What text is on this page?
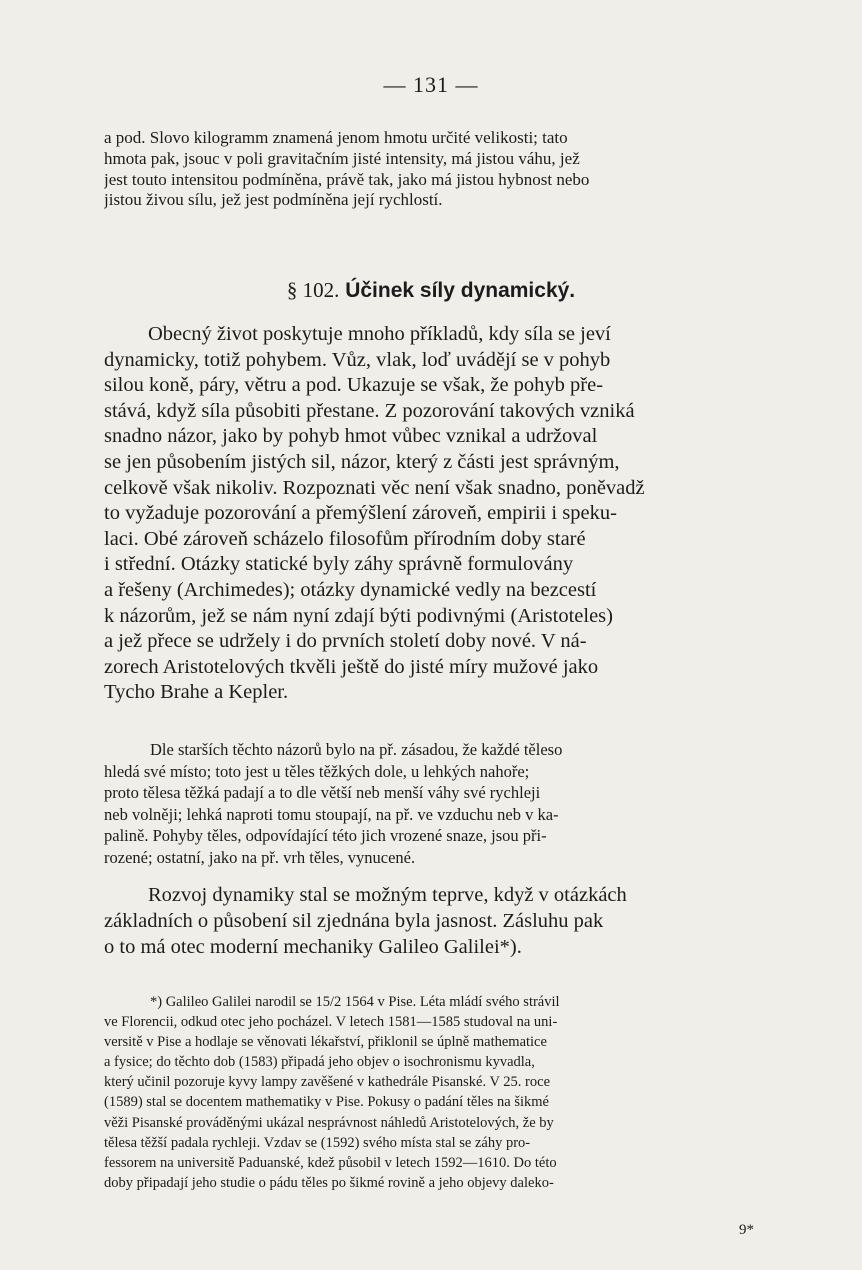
— 131 —
a pod. Slovo kilogramm znamená jenom hmotu určité velikosti; tato
hmota pak, jsouc v poli gravitačním jisté intensity, má jistou váhu, jež
jest touto intensitou podmíněna, právě tak, jako má jistou hybnost nebo
jistou živou sílu, jež jest podmíněna její rychlostí.
§ 102. Účinek síly dynamický.
Obecný život poskytuje mnoho příkladů, kdy síla se jeví
dynamicky, totiž pohybem. Vůz, vlak, loď uvádějí se v pohyb
silou koně, páry, větru a pod. Ukazuje se však, že pohyb pře-
stává, když síla působiti přestane. Z pozorování takových vzniká
snadno názor, jako by pohyb hmot vůbec vznikal a udržoval
se jen působením jistých sil, názor, který z části jest správným,
celkově však nikoliv. Rozpoznati věc není však snadno, poněvadž
to vyžaduje pozorování a přemýšlení zároveň, empirii i speku-
laci. Obé zároveň scházelo filosofům přírodním doby staré
i střední. Otázky statické byly záhy správně formulovány
a řešeny (Archimedes); otázky dynamické vedly na bezcestí
k názorům, jež se nám nyní zdají býti podivnými (Aristoteles)
a jež přece se udržely i do prvních století doby nové. V ná-
zorech Aristotelových tkvěli ještě do jisté míry mužové jako
Tycho Brahe a Kepler.
Dle starších těchto názorů bylo na př. zásadou, že každé těleso
hledá své místo; toto jest u těles těžkých dole, u lehkých nahoře;
proto tělesa těžká padají a to dle větší neb menší váhy své rychleji
neb volněji; lehká naproti tomu stoupají, na př. ve vzduchu neb v ka-
palině. Pohyby těles, odpovídající této jich vrozené snaze, jsou při-
rozené; ostatní, jako na př. vrh těles, vynucené.
Rozvoj dynamiky stal se možným teprve, když v otázkách
základních o působení sil zjednána byla jasnost. Zásluhu pak
o to má otec moderní mechaniky Galileo Galilei*).
*) Galileo Galilei narodil se 15/2 1564 v Pise. Léta mládí svého strávil
ve Florencii, odkud otec jeho pocházel. V letech 1581—1585 studoval na uni-
versitě v Pise a hodlaje se věnovati lékařství, přiklonil se úplně mathematice
a fysice; do těchto dob (1583) připadá jeho objev o isochronismu kyvadla,
který učinil pozoruje kyvy lampy zavěšené v kathedrále Pisanské. V 25. roce
(1589) stal se docentem mathematiky v Pise. Pokusy o padání těles na šikmé
věži Pisanské prováděnými ukázal nesprávnost náhledů Aristotelových, že by
tělesa těžší padala rychleji. Vzdav se (1592) svého místa stal se záhy pro-
fessorem na universitě Paduanské, kdež působil v letech 1592—1610. Do této
doby připadají jeho studie o pádu těles po šikmé rovině a jeho objevy daleko-
9*
